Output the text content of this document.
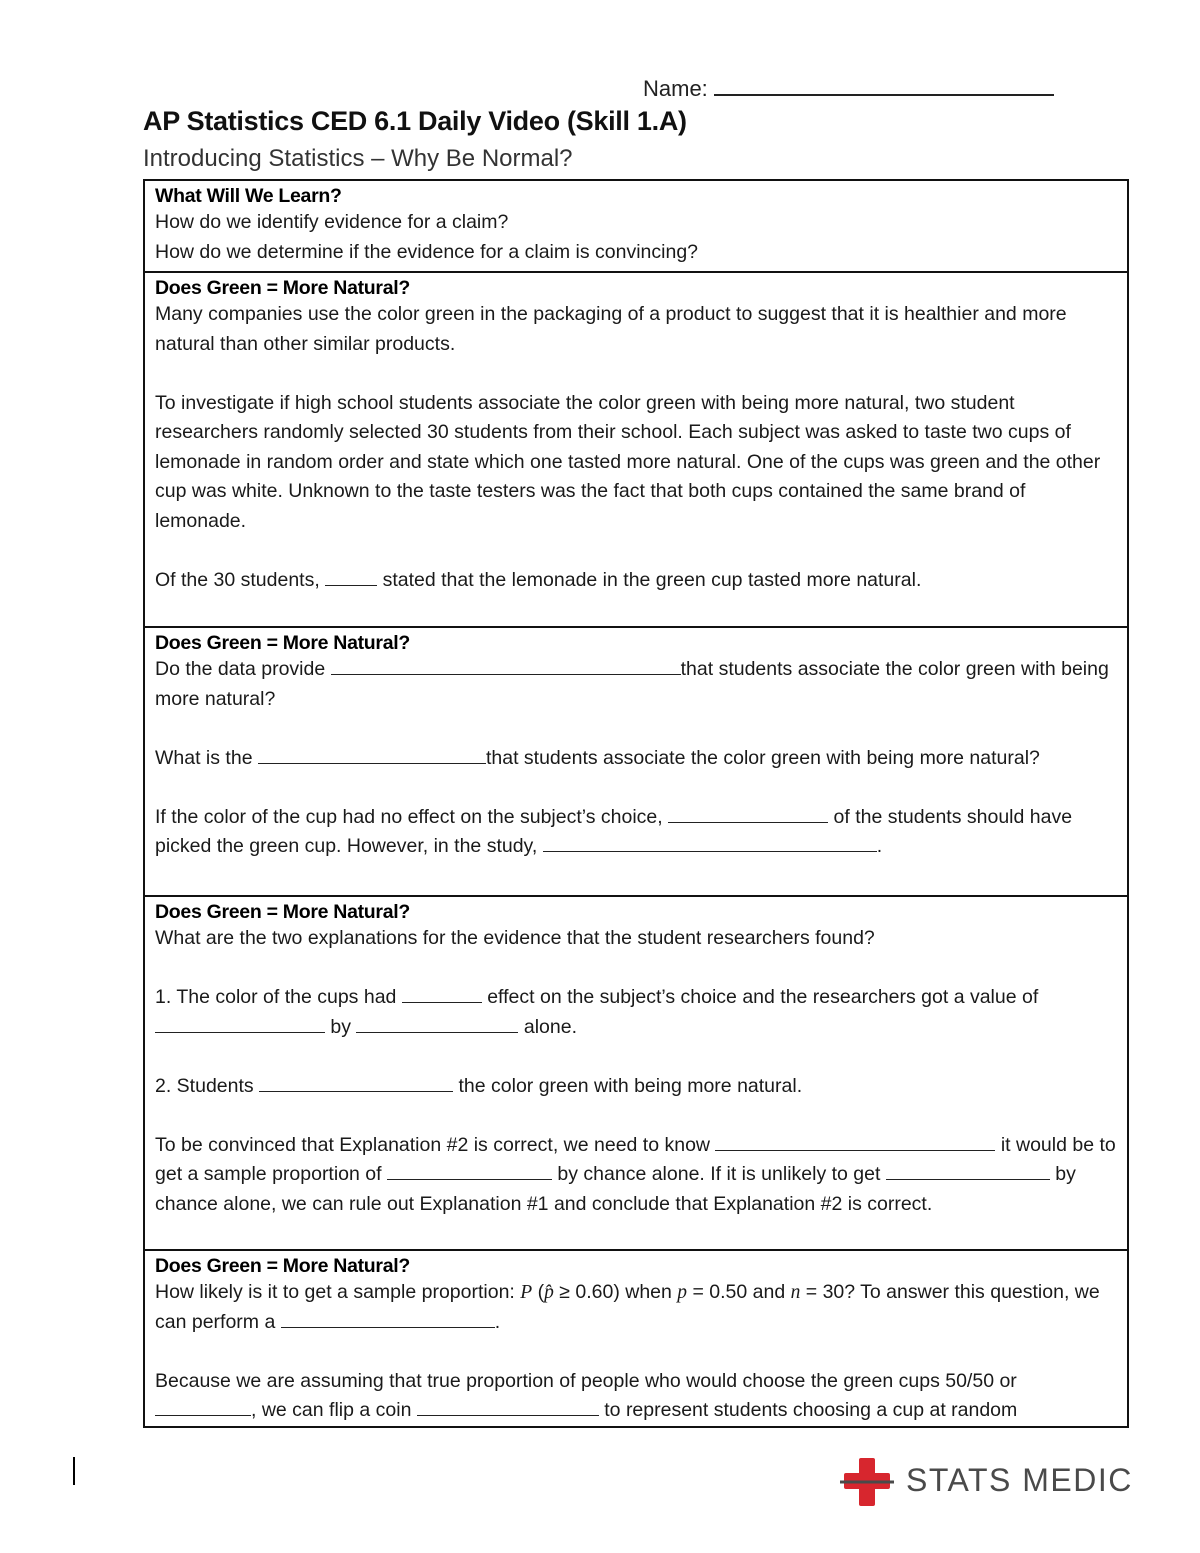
Name:
AP Statistics CED 6.1 Daily Video (Skill 1.A)
Introducing Statistics – Why Be Normal?
What Will We Learn?

How do we identify evidence for a claim?

How do we determine if the evidence for a claim is convincing?

Does Green = More Natural?

Many companies use the color green in the packaging of a product to suggest that it is healthier and more natural than other similar products.

To investigate if high school students associate the color green with being more natural, two student researchers randomly selected 30 students from their school. Each subject was asked to taste two cups of lemonade in random order and state which one tasted more natural. One of the cups was green and the other cup was white. Unknown to the taste testers was the fact that both cups contained the same brand of lemonade.

Of the 30 students,	stated that the lemonade in the green cup tasted more natural.

Does Green = More Natural?

Do the data provide	that students associate the color green with being more natural?

What is the	that students associate the color green with being more natural?

If the color of the cup had no effect on the subject’s choice,	of the students should have picked the green cup. However, in the study,	.

Does Green = More Natural?

What are the two explanations for the evidence that the student researchers found?

1. The color of the cups had	effect on the subject’s choice and the researchers got a value of  by	alone.

2. Students	the color green with being more natural.

To be convinced that Explanation #2 is correct, we need to know	it would be to get a sample proportion of	by chance alone. If it is unlikely to get	by chance alone, we can rule out Explanation #1 and conclude that Explanation #2 is correct.

Does Green = More Natural?

How likely is it to get a sample proportion: P (p̂ ≥ 0.60) when p = 0.50 and n = 30? To answer this question, we can perform a	.

Because we are assuming that true proportion of people who would choose the green cups 50/50 or , we can flip a coin	to represent students choosing a cup at random

STATS MEDIC
